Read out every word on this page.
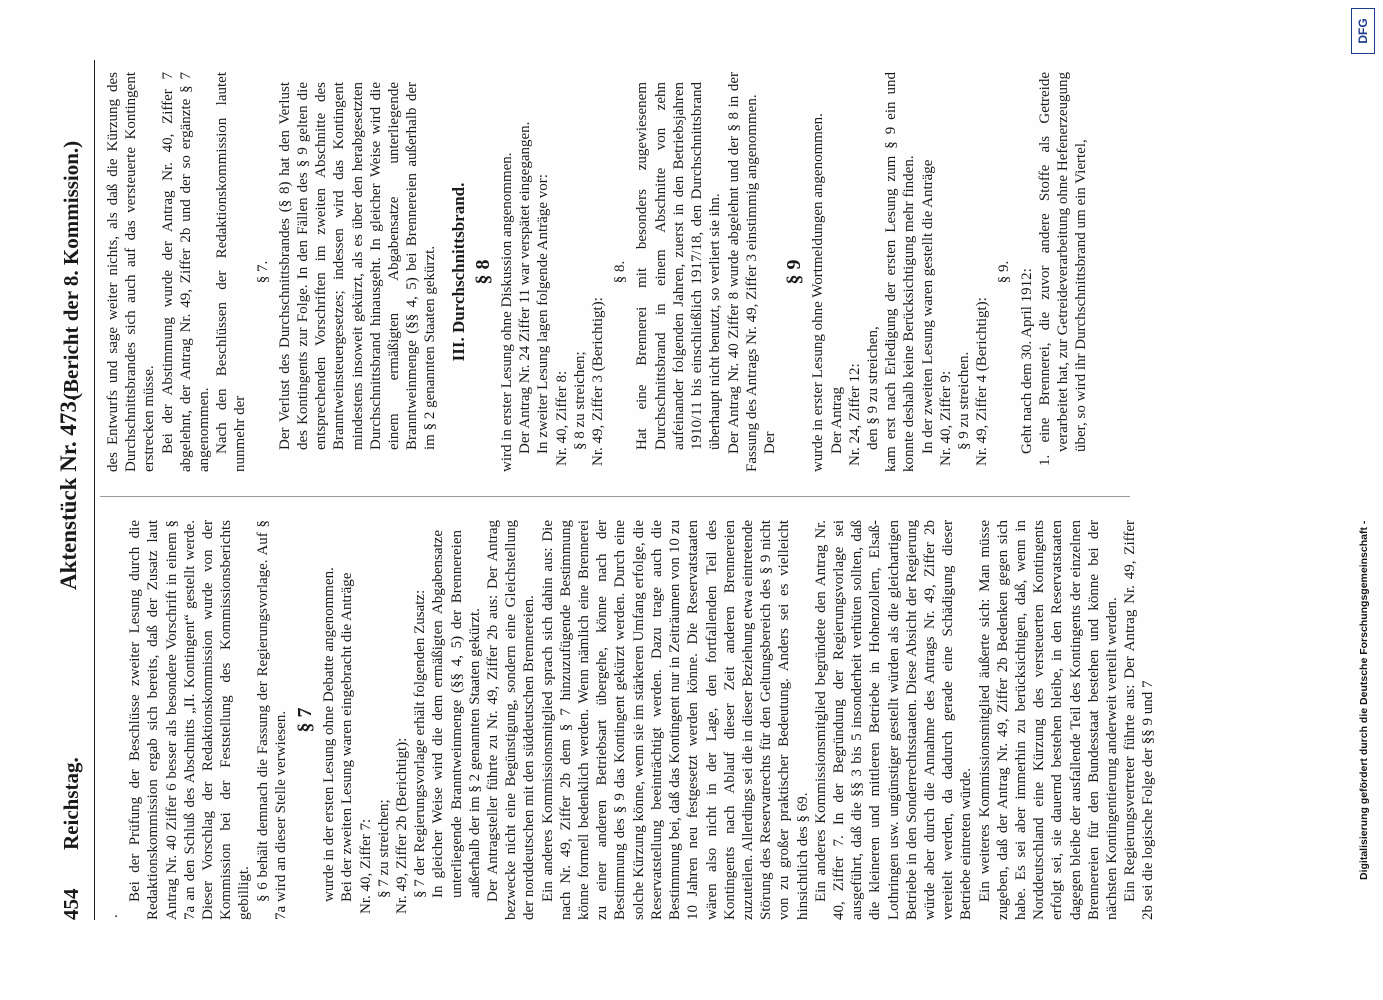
454
Reichstag.
Aktenstück Nr. 473.
(Bericht der 8. Kommission.)

.

Bei der Prüfung der Beschlüsse zweiter Lesung durch die Redaktionskommission ergab sich bereits, daß der Zusatz laut Antrag Nr. 40 Ziffer 6 besser als besondere Vorschrift in einem § 7a an den Schluß des Abschnitts „II. Kontingent“ gestellt werde. Dieser Vorschlag der Redaktionskommission wurde von der Kommission bei der Feststellung des Kommissionsberichts gebilligt. § 6 behält demnach die Fassung der Regierungsvorlage. Auf § 7a wird an dieser Stelle verwiesen. § 7 wurde in der ersten Lesung ohne Debatte angenommen. Bei der zweiten Lesung waren eingebracht die Anträge Nr. 40, Ziffer 7: § 7 zu streichen; Nr. 49, Ziffer 2b (Berichtigt): § 7 der Regierungsvorlage erhält folgenden Zusatz: In gleicher Weise wird die dem ermäßigten Abgabensatze unterliegende Branntweinmenge (§§ 4, 5) der Brennereien außerhalb der im § 2 genannten Staaten gekürzt. Der Antragsteller führte zu Nr. 49, Ziffer 2b aus: Der Antrag bezwecke nicht eine Begünstigung, sondern eine Gleichstellung der norddeutschen mit den süddeutschen Brennereien. Ein anderes Kommissionsmitglied sprach sich dahin aus: Die nach Nr. 49, Ziffer 2b dem § 7 hinzuzufügende Bestimmung könne formell bedenklich werden. Wenn nämlich eine Brennerei zu einer anderen Betriebsart übergehe, könne nach der Bestimmung des § 9 das Kontingent gekürzt werden. Durch eine solche Kürzung könne, wenn sie im stärkeren Umfang erfolge, die Reservatstellung beeinträchtigt werden. Dazu trage auch die Bestimmung bei, daß das Kontingent nur in Zeiträumen von 10 zu 10 Jahren neu festgesetzt werden könne. Die Reservatstaaten wären also nicht in der Lage, den fortfallenden Teil des Kontingents nach Ablauf dieser Zeit anderen Brennereien zuzuteilen. Allerdings sei die in dieser Beziehung etwa eintretende Störung des Reservatrechts für den Geltungsbereich des § 9 nicht von zu großer praktischer Bedeutung. Anders sei es vielleicht hinsichtlich des § 69. Ein anderes Kommissionsmitglied begründete den Antrag Nr. 40, Ziffer 7. In der Begründung der Regierungsvorlage sei ausgeführt, daß die §§ 3 bis 5 insonderheit verhüten sollten, daß die kleineren und mittleren Betriebe in Hohenzollern, Elsaß-Lothringen usw. ungünstiger gestellt würden als die gleichartigen Betriebe in den Sonderrechtsstaaten. Diese Absicht der Regierung würde aber durch die Annahme des Antrags Nr. 49, Ziffer 2b vereitelt werden, da dadurch gerade eine Schädigung dieser Betriebe eintreten würde. Ein weiteres Kommissionsmitglied äußerte sich: Man müsse zugeben, daß der Antrag Nr. 49, Ziffer 2b Bedenken gegen sich habe. Es sei aber immerhin zu berücksichtigen, daß, wenn in Norddeutschland eine Kürzung des versteuerten Kontingents erfolgt sei, sie dauernd bestehen bleibe, in den Reservatstaaten dagegen bleibe der ausfallende Teil des Kontingents der einzelnen Brennereien für den Bundesstaat bestehen und könne bei der nächsten Kontingentierung anderweit verteilt werden. Ein Regierungsvertreter führte aus: Der Antrag Nr. 49, Ziffer 2b sei die logische Folge der §§ 9 und 7

des Entwurfs und sage weiter nichts, als daß die Kürzung des Durchschnittsbrandes sich auch auf das versteuerte Kontingent erstrecken müsse. Bei der Abstimmung wurde der Antrag Nr. 40, Ziffer 7 abgelehnt, der Antrag Nr. 49, Ziffer 2b und der so ergänzte § 7 angenommen. Nach den Beschlüssen der Redaktionskommission lautet nunmehr der

§ 7. Der Verlust des Durchschnittsbrandes (§ 8) hat den Verlust des Kontingents zur Folge. In den Fällen des § 9 gelten die entsprechenden Vorschriften im zweiten Abschnitte des Branntweinsteuergesetzes; indessen wird das Kontingent mindestens insoweit gekürzt, als es über den herabgesetzten Durchschnittsbrand hinausgeht. In gleicher Weise wird die einem ermäßigten Abgabensatze unterliegende Branntweinmenge (§§ 4, 5) bei Brennereien außerhalb der im § 2 genannten Staaten gekürzt. III. Durchschnittsbrand. § 8 wird in erster Lesung ohne Diskussion angenommen. Der Antrag Nr. 24 Ziffer 11 war verspätet eingegangen. In zweiter Lesung lagen folgende Anträge vor: Nr. 40, Ziffer 8: § 8 zu streichen; Nr. 49, Ziffer 3 (Berichtigt):

§ 8. Hat eine Brennerei mit besonders zugewiesenem Durchschnittsbrand in einem Abschnitte von zehn aufeinander folgenden Jahren, zuerst in den Betriebsjahren 1910/11 bis einschließlich 1917/18, den Durchschnittsbrand überhaupt nicht benutzt, so verliert sie ihn. Der Antrag Nr. 40 Ziffer 8 wurde abgelehnt und der § 8 in der Fassung des Antrags Nr. 49, Ziffer 3 einstimmig angenommen. Der

§ 9 wurde in erster Lesung ohne Wortmeldungen angenommen. Der Antrag Nr. 24, Ziffer 12: den § 9 zu streichen, kam erst nach Erledigung der ersten Lesung zum § 9 ein und konnte deshalb keine Berücksichtigung mehr finden. In der zweiten Lesung waren gestellt die Anträge Nr. 40, Ziffer 9: § 9 zu streichen. Nr. 49, Ziffer 4 (Berichtigt):

§ 9. Geht nach dem 30. April 1912: 1. eine Brennerei, die zuvor andere Stoffe als Getreide verarbeitet hat, zur Getreideverarbeitung ohne Hefenerzeugung über, so wird ihr Durchschnittsbrand um ein Viertel,

DFG
Digitalisierung gefördert durch die Deutsche Forschungsgemeinschaft -
